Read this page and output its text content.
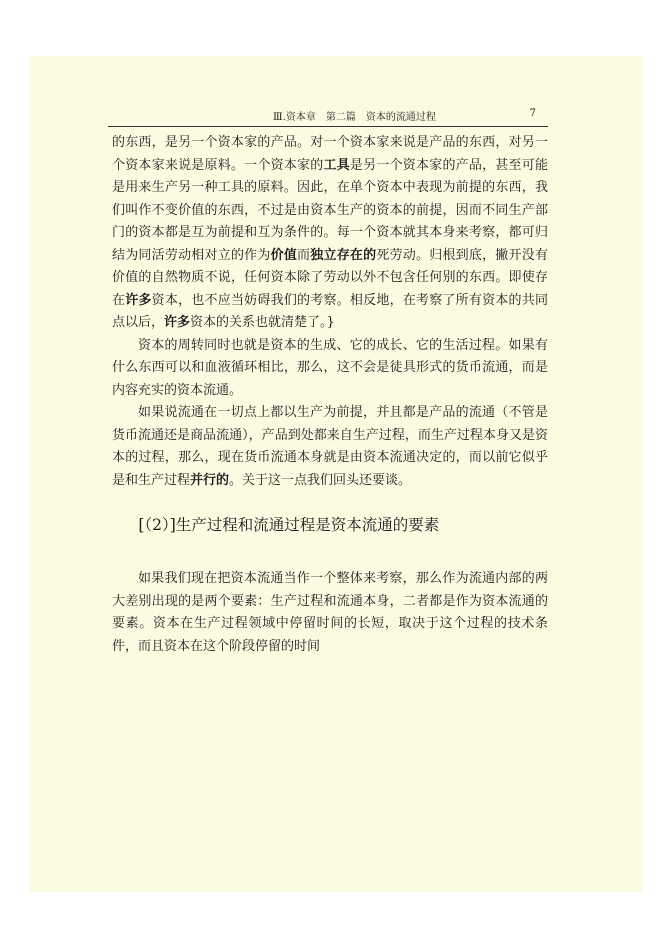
Ⅲ.资本章　第二篇　资本的流通过程	7

的东西，是另一个资本家的产品。对一个资本家来说是产品的东西，对另一个资本家来说是原料。一个资本家的工具是另一个资本家的产品，甚至可能是用来生产另一种工具的原料。因此，在单个资本中表现为前提的东西，我们叫作不变价值的东西，不过是由资本生产的资本的前提，因而不同生产部门的资本都是互为前提和互为条件的。每一个资本就其本身来考察，都可归结为同活劳动相对立的作为价值而独立存在的死劳动。归根到底，撇开没有价值的自然物质不说，任何资本除了劳动以外不包含任何别的东西。即使存在许多资本，也不应当妨碍我们的考察。相反地，在考察了所有资本的共同点以后，许多资本的关系也就清楚了。}

资本的周转同时也就是资本的生成、它的成长、它的生活过程。如果有什么东西可以和血液循环相比，那么，这不会是徒具形式的货币流通，而是内容充实的资本流通。

如果说流通在一切点上都以生产为前提，并且都是产品的流通（不管是货币流通还是商品流通），产品到处都来自生产过程，而生产过程本身又是资本的过程，那么，现在货币流通本身就是由资本流通决定的，而以前它似乎是和生产过程并行的。关于这一点我们回头还要谈。

[（2）]生产过程和流通过程是资本流通的要素

如果我们现在把资本流通当作一个整体来考察，那么作为流通内部的两大差别出现的是两个要素：生产过程和流通本身，二者都是作为资本流通的要素。资本在生产过程领域中停留时间的长短，取决于这个过程的技术条件，而且资本在这个阶段停留的时间
